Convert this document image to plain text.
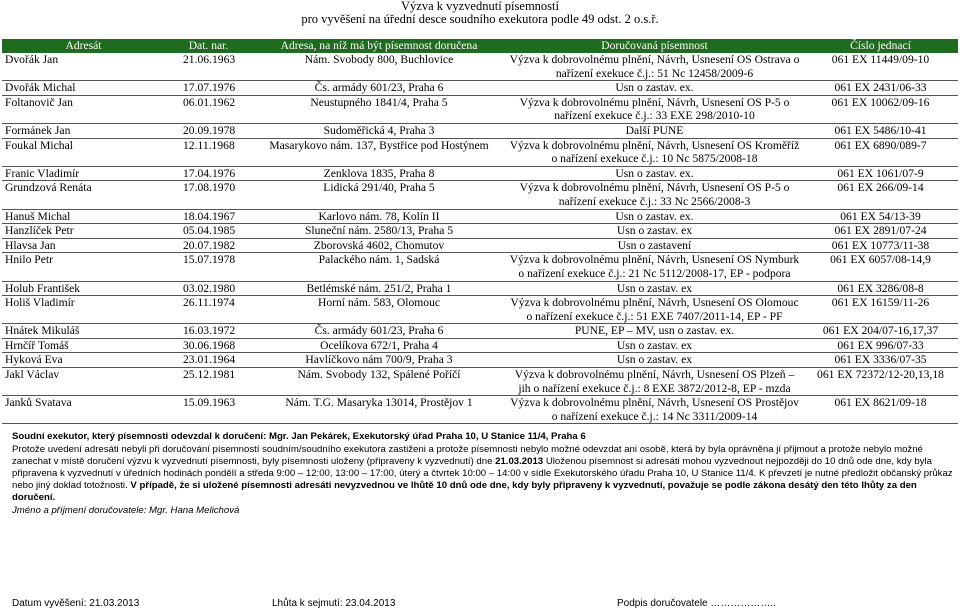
Výzva k vyzvednutí písemností
pro vyvěšení na úřední desce soudního exekutora podle 49 odst. 2 o.s.ř.
Adresát	Dat. nar.	Adresa, na níž má být písemnost doručena	Doručovaná písemnost	Číslo jednací
Dvořák Jan	21.06.1963	Nám. Svobody 800, Buchlovice	Výzva k dobrovolnému plnění, Návrh, Usnesení OS Ostrava o nařízení exekuce č.j.: 51 Nc 12458/2009-6	061 EX 11449/09-10
Dvořák Michal	17.07.1976	Čs. armády 601/23, Praha 6	Usn o zastav. ex.	061 EX 2431/06-33
Foltanovič Jan	06.01.1962	Neustupného 1841/4, Praha 5	Výzva k dobrovolnému plnění, Návrh, Usnesení OS P-5 o nařízení exekuce č.j.: 33 EXE 298/2010-10	061 EX 10062/09-16
Formánek Jan	20.09.1978	Sudoměřická 4, Praha 3	Další PUNE	061 EX 5486/10-41
Foukal Michal	12.11.1968	Masarykovo nám. 137, Bystřice pod Hostýnem	Výzva k dobrovolnému plnění, Návrh, Usnesení OS Kroměříž o nařízení exekuce č.j.: 10 Nc 5875/2008-18	061 EX 6890/089-7
Franic Vladimír	17.04.1976	Zenklova 1835, Praha 8	Usn o zastav. ex.	061 EX 1061/07-9
Grundzová Renáta	17.08.1970	Lidická 291/40, Praha 5	Výzva k dobrovolnému plnění, Návrh, Usnesení OS P-5 o nařízení exekuce č.j.: 33 Nc 2566/2008-3	061 EX 266/09-14
Hanuš Michal	18.04.1967	Karlovo nám. 78, Kolín II	Usn o zastav. ex.	061 EX 54/13-39
Hanzlíček Petr	05.04.1985	Sluneční nám. 2580/13, Praha 5	Usn o zastav. ex	061 EX 2891/07-24
Hlavsa Jan	20.07.1982	Zborovská 4602, Chomutov	Usn o zastavení	061 EX 10773/11-38
Hnilo Petr	15.07.1978	Palackého nám. 1, Sadská	Výzva k dobrovolnému plnění, Návrh, Usnesení OS Nymburk o nařízení exekuce č.j.: 21 Nc 5112/2008-17, EP - podpora	061 EX 6057/08-14,9
Holub František	03.02.1980	Betlémské nám. 251/2, Praha 1	Usn o zastav. ex	061 EX 3286/08-8
Holiš Vladimír	26.11.1974	Horní nám. 583, Olomouc	Výzva k dobrovolnému plnění, Návrh, Usnesení OS Olomouc o nařízení exekuce č.j.: 51 EXE 7407/2011-14, EP - PF	061 EX 16159/11-26
Hnátek Mikuláš	16.03.1972	Čs. armády 601/23, Praha 6	PUNE, EP – MV, usn o zastav. ex.	061 EX 204/07-16,17,37
Hrnčíř Tomáš	30.06.1968	Ocelíkova 672/1, Praha 4	Usn o zastav. ex	061 EX 996/07-33
Hyková Eva	23.01.1964	Havlíčkovo nám 700/9, Praha 3	Usn o zastav. ex	061 EX 3336/07-35
Jakl Václav	25.12.1981	Nám. Svobody 132, Spálené Poříčí	Výzva k dobrovolnému plnění, Návrh, Usnesení OS Plzeň – jih o nařízení exekuce č.j.: 8 EXE 3872/2012-8, EP - mzda	061 EX 72372/12-20,13,18
Janků Svatava	15.09.1963	Nám. T.G. Masaryka 13014, Prostějov 1	Výzva k dobrovolnému plnění, Návrh, Usnesení OS Prostějov o nařízení exekuce č.j.: 14 Nc 3311/2009-14	061 EX 8621/09-18
Soudní exekutor, který písemnosti odevzdal k doručení: Mgr. Jan Pekárek, Exekutorský úřad Praha 10, U Stanice 11/4, Praha 6
Protože uvedení adresáti nebyli při doručování písemností soudním/soudního exekutora zastiženi a protože písemnosti nebylo možné odevzdat ani osobě, která by byla oprávněna jí přijmout a protože nebylo možné zanechat v místě doručení výzvu k vyzvednutí písemnosti, byly písemnosti uloženy (připraveny k vyzvednutí) dne 21.03.2013 Uloženou písemnost si adresáti mohou vyzvednout nejpozději do 10 dnů ode dne, kdy byla připravena k vyzvednutí v úředních hodinách pondělí a středa 9:00 – 12:00, 13:00 – 17:00, úterý a čtvrtek 10:00 – 14:00 v sídle Exekutorského úřadu Praha 10, U Stanice 11/4. K převzetí je nutné předložit občanský průkaz nebo jiný doklad totožnosti. V případě, že si uložené písemnosti adresáti nevyzvednou ve lhůtě 10 dnů ode dne, kdy byly připraveny k vyzvednutí, považuje se podle zákona desátý den této lhůty za den doručení.
Jméno a příjmení doručovatele: Mgr. Hana Melichová
Datum vyvěšení: 21.03.2013	Lhůta k sejmutí: 23.04.2013	Podpis doručovatele ………………..
